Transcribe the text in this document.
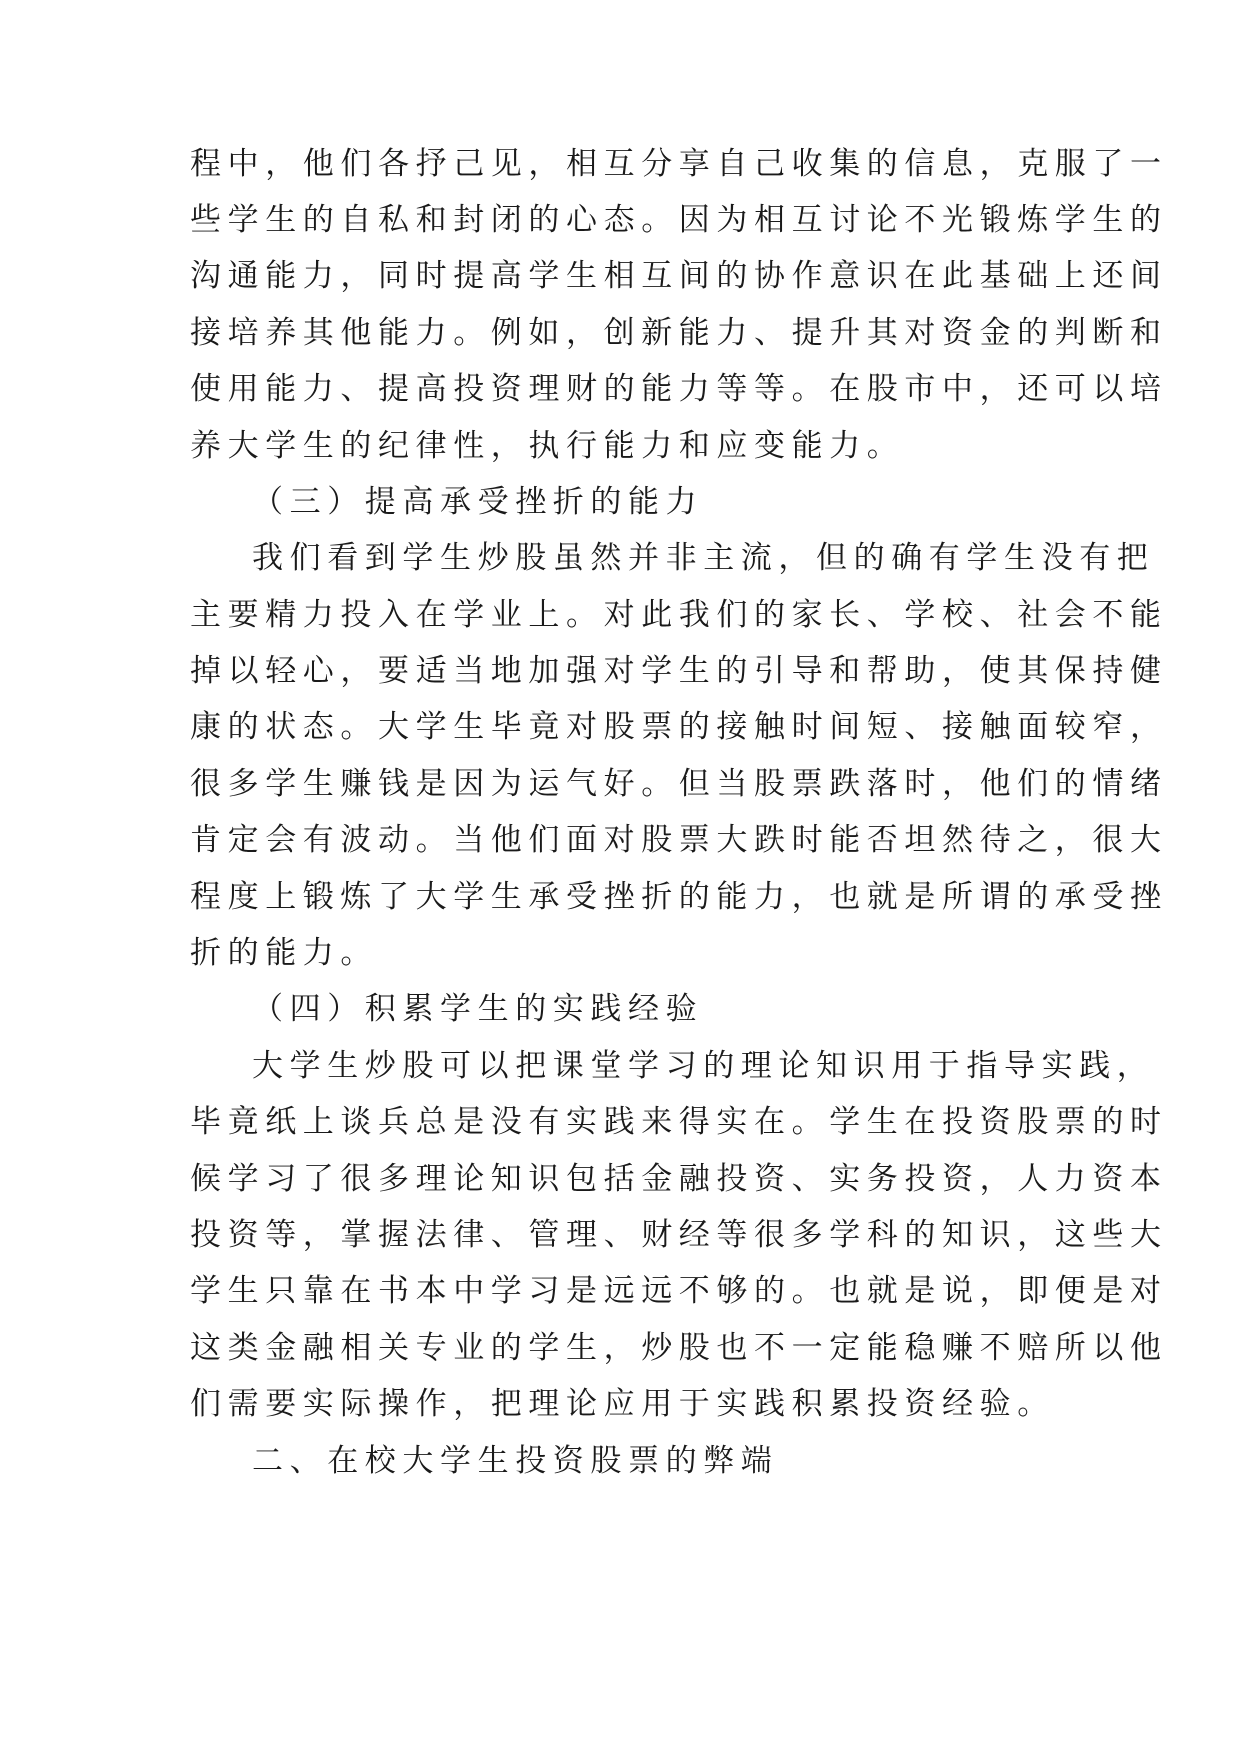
程中，他们各抒己见，相互分享自己收集的信息，克服了一
些学生的自私和封闭的心态。因为相互讨论不光锻炼学生的
沟通能力，同时提高学生相互间的协作意识在此基础上还间
接培养其他能力。例如，创新能力、提升其对资金的判断和
使用能力、提高投资理财的能力等等。在股市中，还可以培
养大学生的纪律性，执行能力和应变能力。
（三）提高承受挫折的能力
我们看到学生炒股虽然并非主流，但的确有学生没有把
主要精力投入在学业上。对此我们的家长、学校、社会不能
掉以轻心，要适当地加强对学生的引导和帮助，使其保持健
康的状态。大学生毕竟对股票的接触时间短、接触面较窄，
很多学生赚钱是因为运气好。但当股票跌落时，他们的情绪
肯定会有波动。当他们面对股票大跌时能否坦然待之，很大
程度上锻炼了大学生承受挫折的能力，也就是所谓的承受挫
折的能力。
（四）积累学生的实践经验
大学生炒股可以把课堂学习的理论知识用于指导实践，
毕竟纸上谈兵总是没有实践来得实在。学生在投资股票的时
候学习了很多理论知识包括金融投资、实务投资，人力资本
投资等，掌握法律、管理、财经等很多学科的知识，这些大
学生只靠在书本中学习是远远不够的。也就是说，即便是对
这类金融相关专业的学生，炒股也不一定能稳赚不赔所以他
们需要实际操作，把理论应用于实践积累投资经验。
二、在校大学生投资股票的弊端
